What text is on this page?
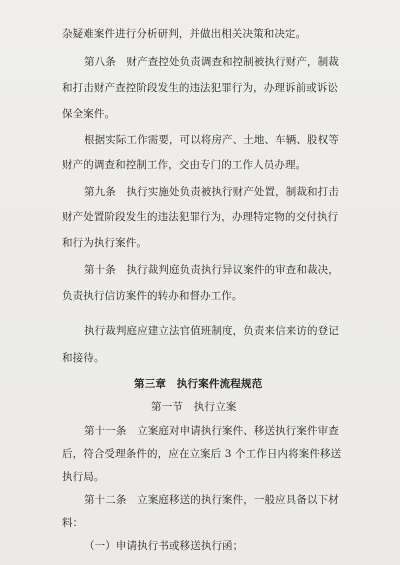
杂疑难案件进行分析研判，并做出相关决策和决定。

第八条　财产查控处负责调查和控制被执行财产，制裁

和打击财产查控阶段发生的违法犯罪行为，办理诉前或诉讼

保全案件。

根据实际工作需要，可以将房产、土地、车辆、股权等

财产的调查和控制工作，交由专门的工作人员办理。

第九条　执行实施处负责被执行财产处置，制裁和打击

财产处置阶段发生的违法犯罪行为，办理特定物的交付执行

和行为执行案件。

第十条　执行裁判庭负责执行异议案件的审查和裁决，

负责执行信访案件的转办和督办工作。

执行裁判庭应建立法官值班制度，负责来信来访的登记

和接待。

第三章　执行案件流程规范

第一节　执行立案

第十一条　立案庭对申请执行案件、移送执行案件审查

后，符合受理条件的，应在立案后 3 个工作日内将案件移送

执行局。

第十二条　立案庭移送的执行案件，一般应具备以下材

料：

（一）申请执行书或移送执行函；
